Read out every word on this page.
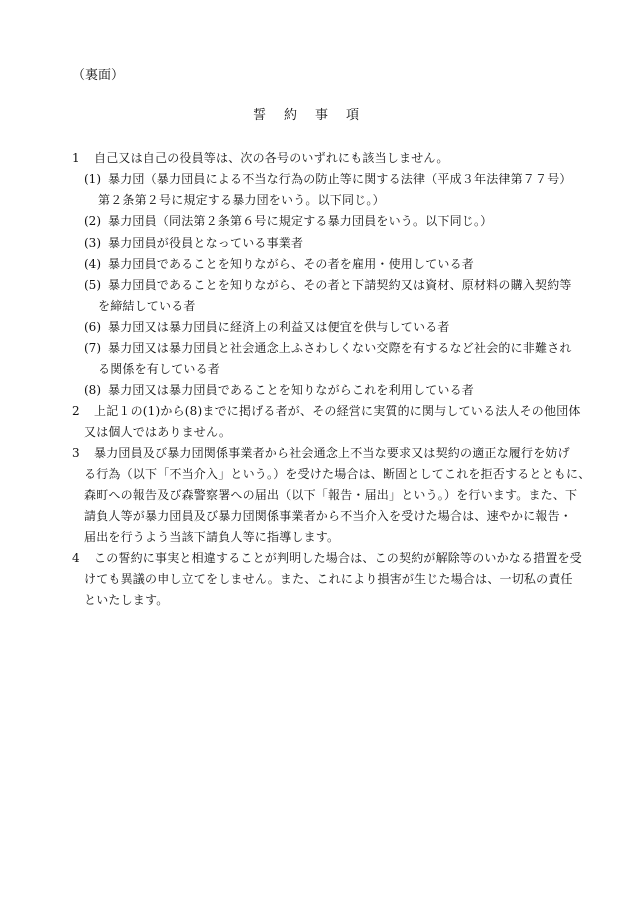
（裏面）
誓約事項
1 自己又は自己の役員等は、次の各号のいずれにも該当しません。
(1) 暴力団（暴力団員による不当な行為の防止等に関する法律（平成３年法律第７７号）
第２条第２号に規定する暴力団をいう。以下同じ。）
(2) 暴力団員（同法第２条第６号に規定する暴力団員をいう。以下同じ。）
(3) 暴力団員が役員となっている事業者
(4) 暴力団員であることを知りながら、その者を雇用・使用している者
(5) 暴力団員であることを知りながら、その者と下請契約又は資材、原材料の購入契約等
を締結している者
(6) 暴力団又は暴力団員に経済上の利益又は便宜を供与している者
(7) 暴力団又は暴力団員と社会通念上ふさわしくない交際を有するなど社会的に非難され
る関係を有している者
(8) 暴力団又は暴力団員であることを知りながらこれを利用している者
2 上記１の(1)から(8)までに掲げる者が、その経営に実質的に関与している法人その他団体
又は個人ではありません。
3 暴力団員及び暴力団関係事業者から社会通念上不当な要求又は契約の適正な履行を妨げ
る行為（以下「不当介入」という。）を受けた場合は、断固としてこれを拒否するとともに、
森町への報告及び森警察署への届出（以下「報告・届出」という。）を行います。また、下
請負人等が暴力団員及び暴力団関係事業者から不当介入を受けた場合は、速やかに報告・
届出を行うよう当該下請負人等に指導します。
4 この誓約に事実と相違することが判明した場合は、この契約が解除等のいかなる措置を受
けても異議の申し立てをしません。また、これにより損害が生じた場合は、一切私の責任
といたします。
